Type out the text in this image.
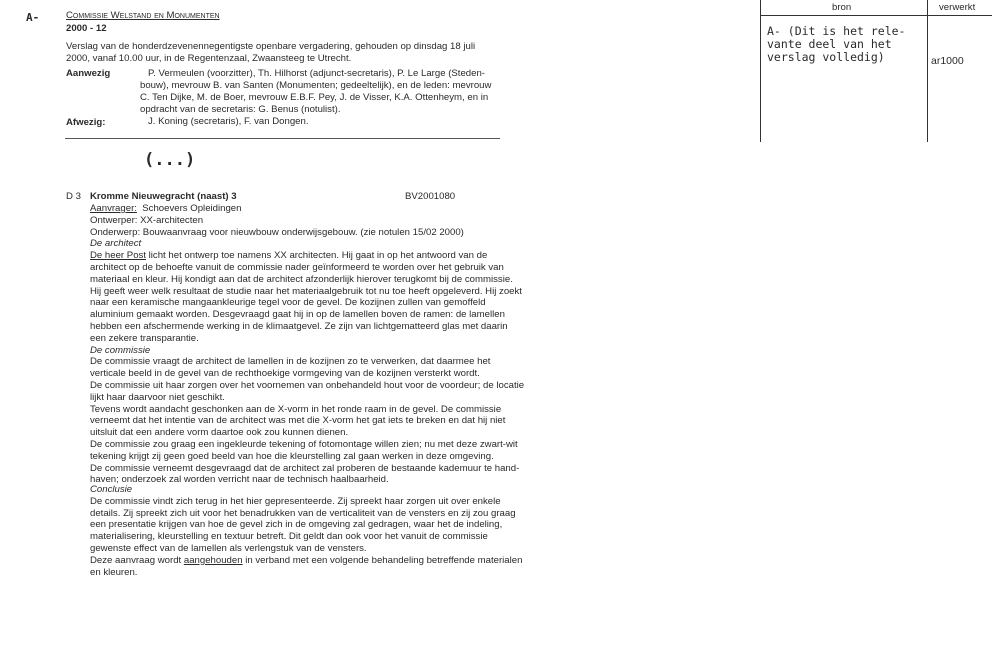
A-	Commissie Welstand en Monumenten
2000 - 12
Verslag van de honderdzevenennegentigste openbare vergadering, gehouden op dinsdag 18 juli
2000, vanaf 10.00 uur, in de Regentenzaal, Zwaansteeg te Utrecht.
Aanwezig	P. Vermeulen (voorzitter), Th. Hilhorst (adjunct-secretaris), P. Le Large (Steden-
bouw), mevrouw B. van Santen (Monumenten; gedeeltelijk), en de leden: mevrouw
C. Ten Dijke, M. de Boer, mevrouw E.B.F. Pey, J. de Visser, K.A. Ottenheym, en in
opdracht van de secretaris: G. Benus (notulist).
Afwezig:	J. Koning (secretaris), F. van Dongen.
(...)
D 3 Kromme Nieuwegracht (naast) 3	BV2001080
Aanvrager:  Schoevers Opleidingen
Ontwerper: XX-architecten
Onderwerp: Bouwaanvraag voor nieuwbouw onderwijsgebouw. (zie notulen 15/02 2000)
De architect
De heer Post licht het ontwerp toe namens XX architecten. Hij gaat in op het antwoord van de
architect op de behoefte vanuit de commissie nader geïnformeerd te worden over het gebruik van
materiaal en kleur. Hij kondigt aan dat de architect afzonderlijk hierover terugkomt bij de commissie.
Hij geeft weer welk resultaat de studie naar het materiaalgebruik tot nu toe heeft opgeleverd. Hij zoekt
naar een keramische mangaankleurige tegel voor de gevel. De kozijnen zullen van gemoffeld
aluminium gemaakt worden. Desgevraagd gaat hij in op de lamellen boven de ramen: de lamellen
hebben een afschermende werking in de klimaatgevel. Ze zijn van lichtgematteerd glas met daarin
een zekere transparantie.
De commissie
De commissie vraagt de architect de lamellen in de kozijnen zo te verwerken, dat daarmee het
verticale beeld in de gevel van de rechthoekige vormgeving van de kozijnen versterkt wordt.
De commissie uit haar zorgen over het voornemen van onbehandeld hout voor de voordeur; de locatie
lijkt haar daarvoor niet geschikt.
Tevens wordt aandacht geschonken aan de X-vorm in het ronde raam in de gevel. De commissie
verneemt dat het intentie van de architect was met die X-vorm het gat iets te breken en dat hij niet
uitsluit dat een andere vorm daartoe ook zou kunnen dienen.
De commissie zou graag een ingekleurde tekening of fotomontage willen zien; nu met deze zwart-wit
tekening krijgt zij geen goed beeld van hoe die kleurstelling zal gaan werken in deze omgeving.
De commissie verneemt desgevraagd dat de architect zal proberen de bestaande kademuur te hand-
haven; onderzoek zal worden verricht naar de technisch haalbaarheid.
Conclusie
De commissie vindt zich terug in het hier gepresenteerde. Zij spreekt haar zorgen uit over enkele
details. Zij spreekt zich uit voor het benadrukken van de verticaliteit van de vensters en zij zou graag
een presentatie krijgen van hoe de gevel zich in de omgeving zal gedragen, waar het de indeling,
materialisering, kleurstelling en textuur betreft. Dit geldt dan ook voor het vanuit de commissie
gewenste effect van de lamellen als verlengstuk van de vensters.
Deze aanvraag wordt aangehouden in verband met een volgende behandeling betreffende materialen
en kleuren.
bron	verwerkt
A- (Dit is het rele-
vante deel van het
verslag volledig)	ar1000
